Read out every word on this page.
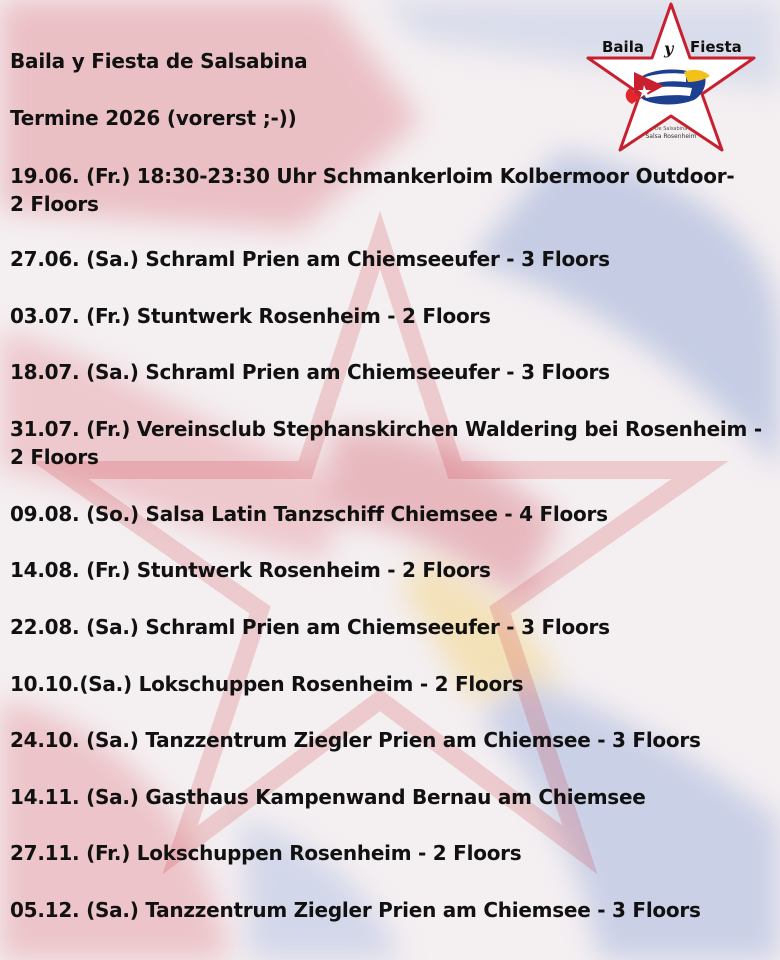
Baila y Fiesta de Salsabina
Termine 2026 (vorerst ;-))
19.06. (Fr.) 18:30-23:30 Uhr Schmankerloim Kolbermoor Outdoor-
2 Floors
27.06. (Sa.) Schraml Prien am Chiemseeufer - 3 Floors
03.07. (Fr.) Stuntwerk Rosenheim - 2 Floors
18.07. (Sa.) Schraml Prien am Chiemseeufer - 3 Floors
31.07. (Fr.) Vereinsclub Stephanskirchen Waldering bei Rosenheim -
2 Floors
09.08. (So.) Salsa Latin Tanzschiff Chiemsee - 4 Floors
14.08. (Fr.) Stuntwerk Rosenheim - 2 Floors
22.08. (Sa.) Schraml Prien am Chiemseeufer - 3 Floors
10.10.(Sa.) Lokschuppen Rosenheim - 2 Floors
24.10. (Sa.) Tanzzentrum Ziegler Prien am Chiemsee - 3 Floors
14.11. (Sa.) Gasthaus Kampenwand Bernau am Chiemsee
27.11. (Fr.) Lokschuppen Rosenheim - 2 Floors
05.12. (Sa.) Tanzzentrum Ziegler Prien am Chiemsee - 3 Floors
Baila y Fiesta
De Salsabina
Salsa Rosenheim
